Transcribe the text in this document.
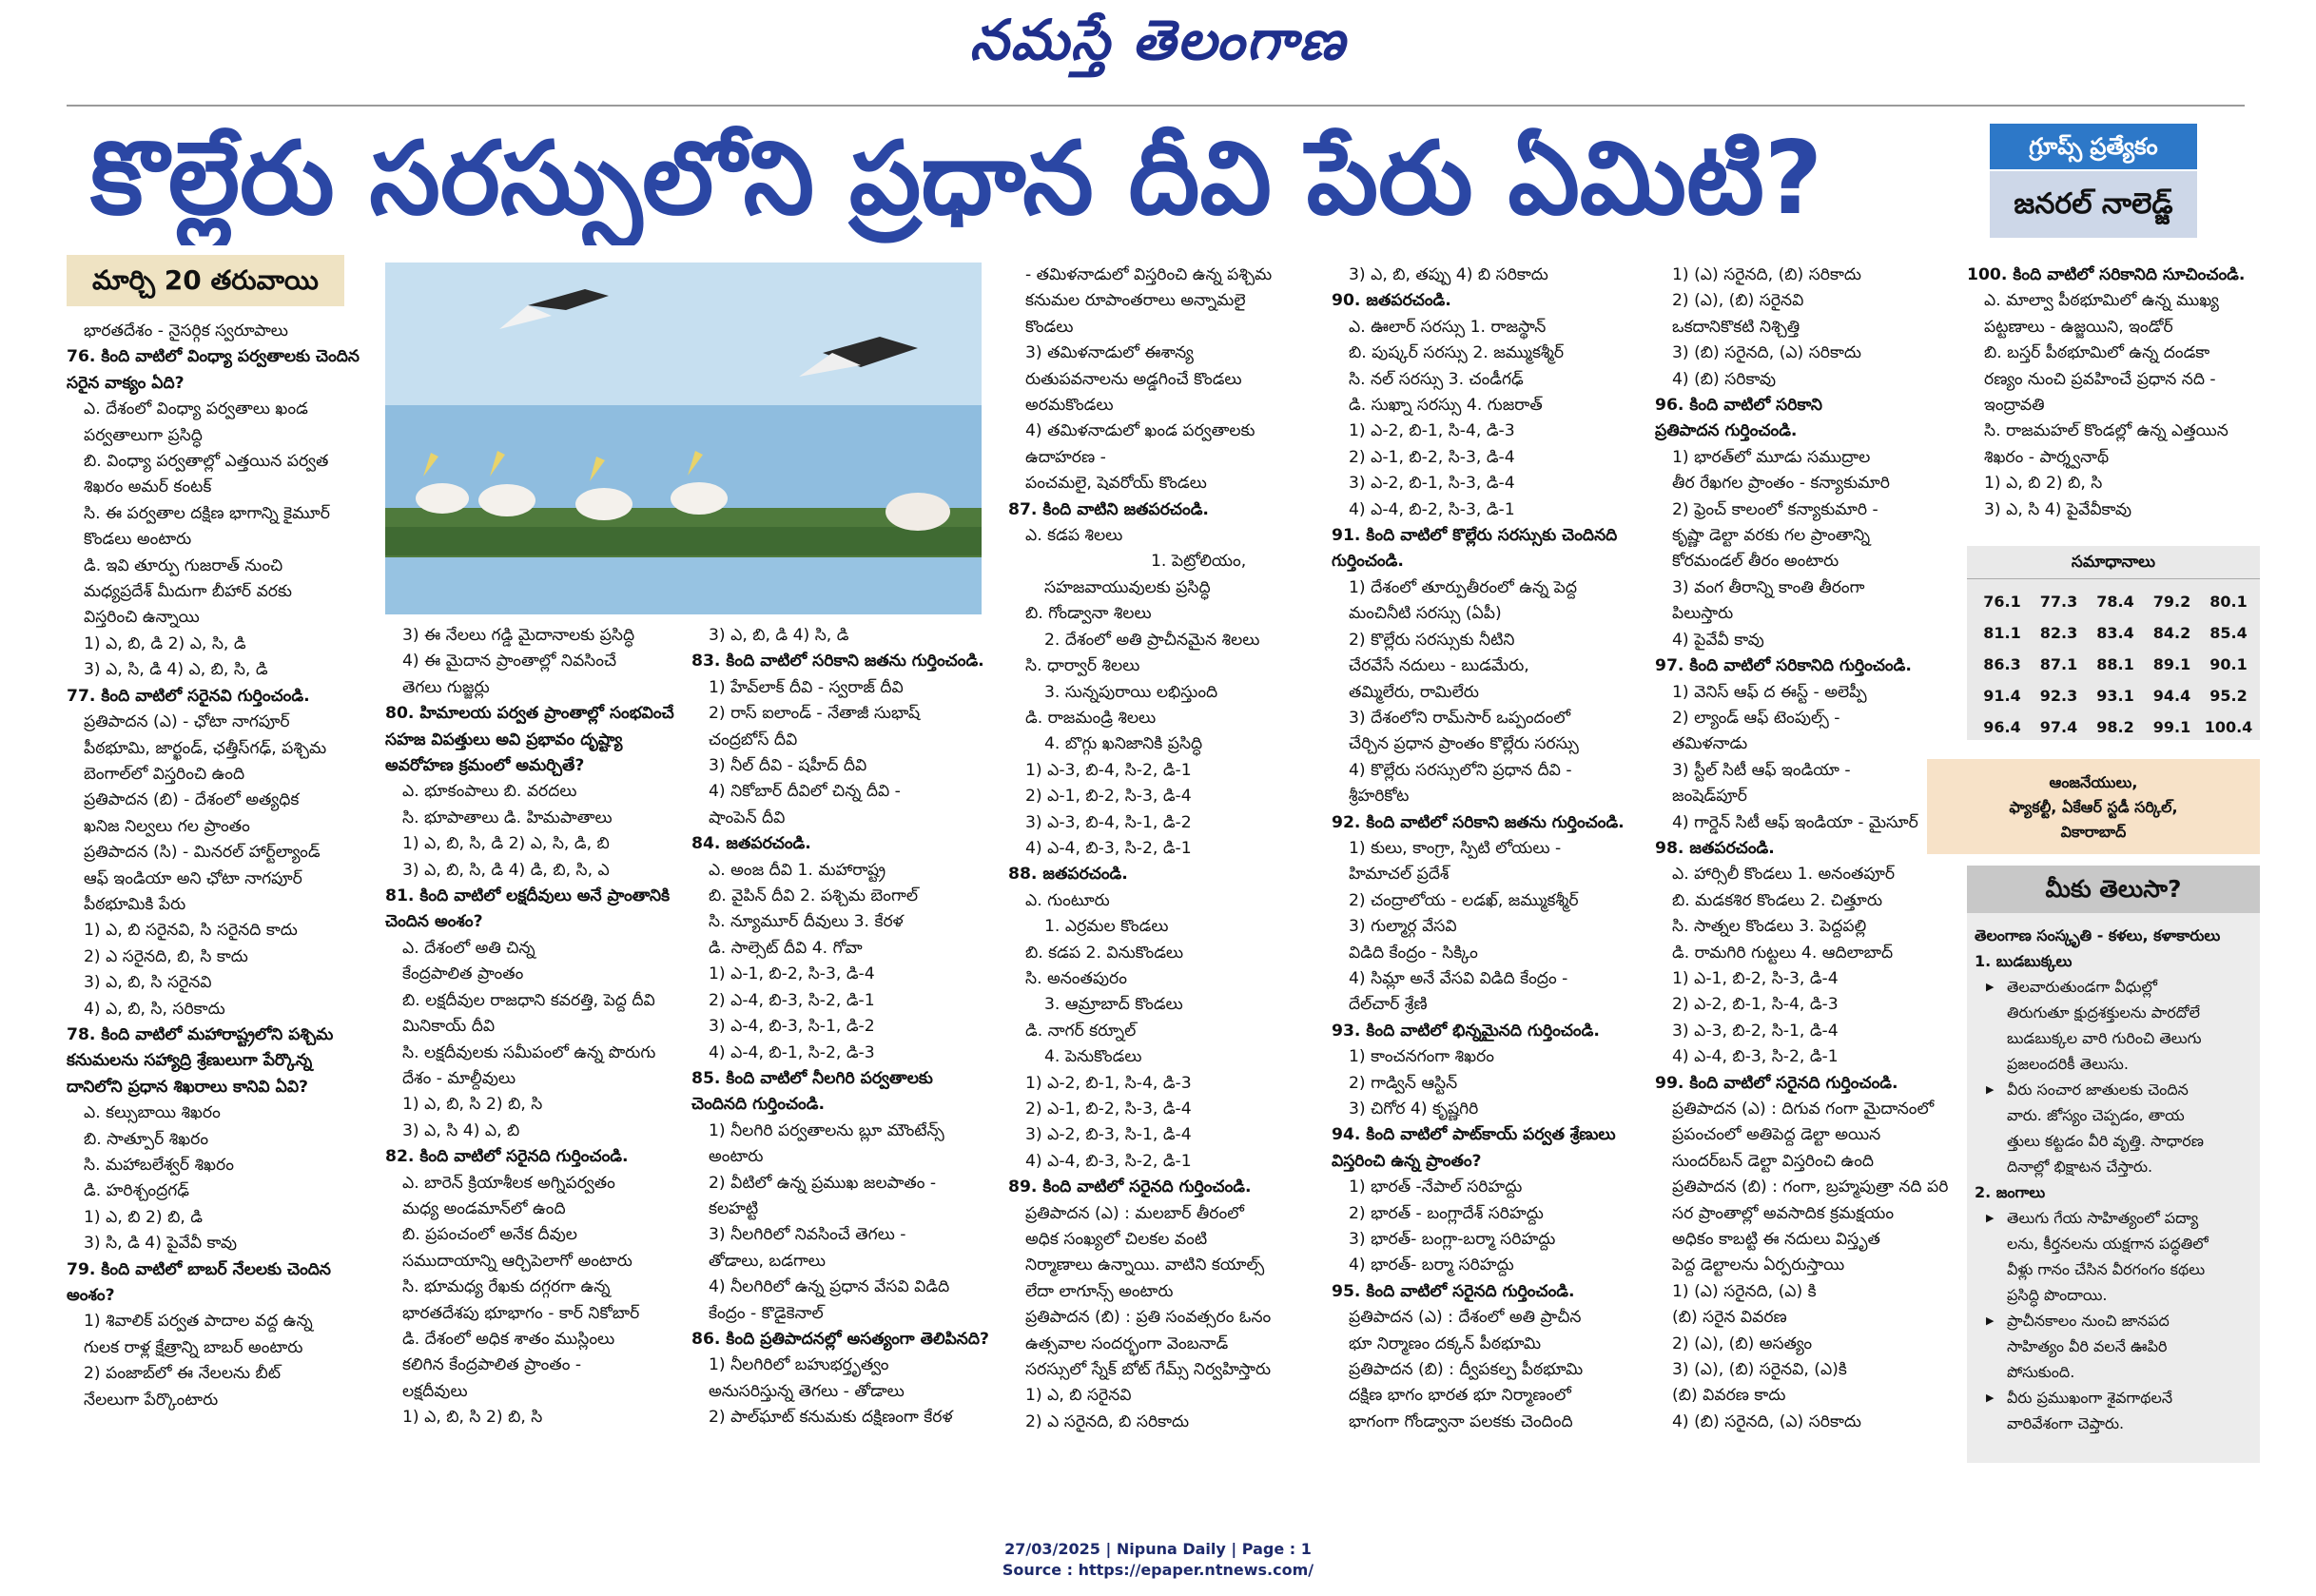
నమస్తే తెలంగాణ
కొల్లేరు సరస్సులోని ప్రధాన దీవి పేరు ఏమిటి?	గ్రూప్స్ ప్రత్యేకం
జనరల్ నాలెడ్జ్
మార్చి 20 తరువాయి

భారతదేశం - నైసర్గిక స్వరూపాలు

76. కింది వాటిలో వింధ్యా పర్వతాలకు చెందిన

సరైన వాక్యం ఏది?

ఎ. దేశంలో వింధ్యా పర్వతాలు ఖండ

పర్వతాలుగా ప్రసిద్ధి

బి. వింధ్యా పర్వతాల్లో ఎత్తయిన పర్వత

శిఖరం అమర్ కంటక్

సి. ఈ పర్వతాల దక్షిణ భాగాన్ని కైమూర్

కొండలు అంటారు

డి. ఇవి తూర్పు గుజరాత్ నుంచి

మధ్యప్రదేశ్ మీదుగా బీహార్ వరకు

విస్తరించి ఉన్నాయి

1) ఎ, బి, డి 2) ఎ, సి, డి

3) ఎ, సి, డి 4) ఎ, బి, సి, డి

77. కింది వాటిలో సరైనవి గుర్తించండి.

ప్రతిపాదన (ఎ) - ఛోటా నాగపూర్

పీఠభూమి, జార్ఖండ్, ఛత్తీస్‌గఢ్, పశ్చిమ

బెంగాల్‌లో విస్తరించి ఉంది

ప్రతిపాదన (బి) - దేశంలో అత్యధిక

ఖనిజ నిల్వలు గల ప్రాంతం

ప్రతిపాదన (సి) - మినరల్ హార్ట్‌ల్యాండ్

ఆఫ్ ఇండియా అని ఛోటా నాగపూర్

పీఠభూమికి పేరు

1) ఎ, బి సరైనవి, సి సరైనది కాదు

2) ఎ సరైనది, బి, సి కాదు

3) ఎ, బి, సి సరైనవి

4) ఎ, బి, సి, సరికాదు

78. కింది వాటిలో మహారాష్ట్రలోని పశ్చిమ

కనుమలను సహ్యాద్రి శ్రేణులుగా పేర్కొన్న

దానిలోని ప్రధాన శిఖరాలు కానివి ఏవి?

ఎ. కల్సుబాయి శిఖరం

బి. సాత్పూర్ శిఖరం

సి. మహాబలేశ్వర్ శిఖరం

డి. హరిశ్చంద్రగఢ్

1) ఎ, బి 2) బి, డి

3) సి, డి 4) పైవేవీ కావు

79. కింది వాటిలో బాబర్ నేలలకు చెందిన

అంశం?

1) శివాలిక్ పర్వత పాదాల వద్ద ఉన్న

గులక రాళ్ల క్షేత్రాన్ని బాబర్ అంటారు

2) పంజాబ్‌లో ఈ నేలలను బీట్

నేలలుగా పేర్కొంటారు

3) ఈ నేలలు గడ్డి మైదానాలకు ప్రసిద్ధి

4) ఈ మైదాన ప్రాంతాల్లో నివసించే

తెగలు గుజ్జర్లు

80. హిమాలయ పర్వత ప్రాంతాల్లో సంభవించే

సహజ విపత్తులు అవి ప్రభావం దృష్ట్యా

అవరోహణ క్రమంలో అమర్చితే?

ఎ. భూకంపాలు బి. వరదలు

సి. భూపాతాలు డి. హిమపాతాలు

1) ఎ, బి, సి, డి 2) ఎ, సి, డి, బి

3) ఎ, బి, సి, డి 4) డి, బి, సి, ఎ

81. కింది వాటిలో లక్షదీవులు అనే ప్రాంతానికి

చెందిన అంశం?

ఎ. దేశంలో అతి చిన్న

కేంద్రపాలిత ప్రాంతం

బి. లక్షదీవుల రాజధాని కవరత్తి, పెద్ద దీవి

మినికాయ్ దీవి

సి. లక్షదీవులకు సమీపంలో ఉన్న పొరుగు

దేశం - మాల్దీవులు

1) ఎ, బి, సి 2) బి, సి

3) ఎ, సి 4) ఎ, బి

82. కింది వాటిలో సరైనది గుర్తించండి.

ఎ. బారెన్ క్రియాశీలక అగ్నిపర్వతం

మధ్య అండమాన్‌లో ఉంది

బి. ప్రపంచంలో అనేక దీవుల

సముదాయాన్ని ఆర్చిపెలాగో అంటారు

సి. భూమధ్య రేఖకు దగ్గరగా ఉన్న

భారతదేశపు భూభాగం - కార్ నికోబార్

డి. దేశంలో అధిక శాతం ముస్లింలు

కలిగిన కేంద్రపాలిత ప్రాంతం -

లక్షదీవులు

1) ఎ, బి, సి 2) బి, సి

3) ఎ, బి, డి 4) సి, డి

83. కింది వాటిలో సరికాని జతను గుర్తించండి.

1) హేవ్‌లాక్ దీవి - స్వరాజ్ దీవి

2) రాస్ ఐలాండ్ - నేతాజీ సుభాష్

చంద్రబోస్ దీవి

3) నీల్ దీవి - షహీద్ దీవి

4) నికోబార్ దీవిలో చిన్న దీవి -

షాంపెన్ దీవి

84. జతపరచండి.

ఎ. అంజ దీవి 1. మహారాష్ట్ర

బి. వైపిన్ దీవి 2. పశ్చిమ బెంగాల్

సి. న్యూమూర్ దీవులు 3. కేరళ

డి. సాల్సెట్ దీవి 4. గోవా

1) ఎ-1, బి-2, సి-3, డి-4

2) ఎ-4, బి-3, సి-2, డి-1

3) ఎ-4, బి-3, సి-1, డి-2

4) ఎ-4, బి-1, సి-2, డి-3

85. కింది వాటిలో నీలగిరి పర్వతాలకు

చెందినది గుర్తించండి.

1) నీలగిరి పర్వతాలను బ్లూ మౌంటేన్స్

అంటారు

2) వీటిలో ఉన్న ప్రముఖ జలపాతం -

కలహట్టి

3) నీలగిరిలో నివసించే తెగలు -

తోడాలు, బడగాలు

4) నీలగిరిలో ఉన్న ప్రధాన వేసవి విడిది

కేంద్రం - కొడైకెనాల్

86. కింది ప్రతిపాదనల్లో అసత్యంగా తెలిపినది?

1) నీలగిరిలో బహుభర్తృత్వం

అనుసరిస్తున్న తెగలు - తోడాలు

2) పాల్‌ఘాట్ కనుమకు దక్షిణంగా కేరళ

- తమిళనాడులో విస్తరించి ఉన్న పశ్చిమ

కనుమల రూపాంతరాలు అన్నామలై

కొండలు

3) తమిళనాడులో ఈశాన్య

రుతుపవనాలను అడ్డగించే కొండలు

అరమకొండలు

4) తమిళనాడులో ఖండ పర్వతాలకు

ఉదాహరణ -

పంచమలై, షెవరోయ్ కొండలు

87. కింది వాటిని జతపరచండి.

ఎ. కడప శిలలు

1. పెట్రోలియం,

సహజవాయువులకు ప్రసిద్ధి

బి. గోండ్వానా శిలలు

2. దేశంలో అతి ప్రాచీనమైన శిలలు

సి. ధార్వార్ శిలలు

3. సున్నపురాయి లభిస్తుంది

డి. రాజమండ్రి శిలలు

4. బొగ్గు ఖనిజానికి ప్రసిద్ధి

1) ఎ-3, బి-4, సి-2, డి-1

2) ఎ-1, బి-2, సి-3, డి-4

3) ఎ-3, బి-4, సి-1, డి-2

4) ఎ-4, బి-3, సి-2, డి-1

88. జతపరచండి.

ఎ. గుంటూరు

1. ఎర్రమల కొండలు

బి. కడప 2. వినుకొండలు

సి. అనంతపురం

3. ఆమ్రాబాద్ కొండలు

డి. నాగర్ కర్నూల్

4. పెనుకొండలు

1) ఎ-2, బి-1, సి-4, డి-3

2) ఎ-1, బి-2, సి-3, డి-4

3) ఎ-2, బి-3, సి-1, డి-4

4) ఎ-4, బి-3, సి-2, డి-1

89. కింది వాటిలో సరైనది గుర్తించండి.

ప్రతిపాదన (ఎ) : మలబార్ తీరంలో

అధిక సంఖ్యలో చిలకల వంటి

నిర్మాణాలు ఉన్నాయి. వాటిని కయాల్స్

లేదా లాగూన్స్ అంటారు

ప్రతిపాదన (బి) : ప్రతి సంవత్సరం ఓనం

ఉత్సవాల సందర్భంగా వెంబనాడ్

సరస్సులో స్నేక్ బోట్ గేమ్స్ నిర్వహిస్తారు

1) ఎ, బి సరైనవి

2) ఎ సరైనది, బి సరికాదు

3) ఎ, బి, తప్పు 4) బి సరికాదు

90. జతపరచండి.

ఎ. ఊలార్ సరస్సు 1. రాజస్థాన్

బి. పుష్కర్ సరస్సు 2. జమ్ముకశ్మీర్

సి. నల్ సరస్సు 3. చండీగఢ్

డి. సుఖ్నా సరస్సు 4. గుజరాత్

1) ఎ-2, బి-1, సి-4, డి-3

2) ఎ-1, బి-2, సి-3, డి-4

3) ఎ-2, బి-1, సి-3, డి-4

4) ఎ-4, బి-2, సి-3, డి-1

91. కింది వాటిలో కొల్లేరు సరస్సుకు చెందినది

గుర్తించండి.

1) దేశంలో తూర్పుతీరంలో ఉన్న పెద్ద

మంచినీటి సరస్సు (ఏపీ)

2) కొల్లేరు సరస్సుకు నీటిని

చేరవేసే నదులు - బుడమేరు,

తమ్మిలేరు, రామిలేరు

3) దేశంలోని రామ్‌సార్ ఒప్పందంలో

చేర్చిన ప్రధాన ప్రాంతం కొల్లేరు సరస్సు

4) కొల్లేరు సరస్సులోని ప్రధాన దీవి -

శ్రీహరికోట

92. కింది వాటిలో సరికాని జతను గుర్తించండి.

1) కులు, కాంగ్రా, స్పిటి లోయలు -

హిమాచల్ ప్రదేశ్

2) చంద్రాలోయ - లడఖ్, జమ్ముకశ్మీర్

3) గుల్మార్గ వేసవి

విడిది కేంద్రం - సిక్కిం

4) సిమ్లా అనే వేసవి విడిది కేంద్రం -

దేల్‌చార్ శ్రేణి

93. కింది వాటిలో భిన్నమైనది గుర్తించండి.

1) కాంచనగంగా శిఖరం

2) గాడ్విన్ ఆస్టిన్

3) చిగోర 4) కృష్ణగిరి

94. కింది వాటిలో పాట్‌కాయ్ పర్వత శ్రేణులు

విస్తరించి ఉన్న ప్రాంతం?

1) భారత్ -నేపాల్ సరిహద్దు

2) భారత్ - బంగ్లాదేశ్ సరిహద్దు

3) భారత్- బంగ్లా-బర్మా సరిహద్దు

4) భారత్- బర్మా సరిహద్దు

95. కింది వాటిలో సరైనది గుర్తించండి.

ప్రతిపాదన (ఎ) : దేశంలో అతి ప్రాచీన

భూ నిర్మాణం దక్కన్ పీఠభూమి

ప్రతిపాదన (బి) : ద్వీపకల్ప పీఠభూమి

దక్షిణ భాగం భారత భూ నిర్మాణంలో

భాగంగా గోండ్వానా పలకకు చెందింది

1) (ఎ) సరైనది, (బి) సరికాదు

2) (ఎ), (బి) సరైనవి

ఒకదానికొకటి నిశ్చిత్తి

3) (బి) సరైనది, (ఎ) సరికాదు

4) (బి) సరికావు

96. కింది వాటిలో సరికాని

ప్రతిపాదన గుర్తించండి.

1) భారత్‌లో మూడు సముద్రాల

తీర రేఖగల ప్రాంతం - కన్యాకుమారి

2) ఫ్రెంచ్ కాలంలో కన్యాకుమారి -

కృష్ణా డెల్టా వరకు గల ప్రాంతాన్ని

కోరమండల్ తీరం అంటారు

3) వంగ తీరాన్ని కాంతి తీరంగా

పిలుస్తారు

4) పైవేవీ కావు

97. కింది వాటిలో సరికానిది గుర్తించండి.

1) వెనిస్ ఆఫ్ ద ఈస్ట్ - అలెప్పీ

2) ల్యాండ్ ఆఫ్ టెంపుల్స్ -

తమిళనాడు

3) స్టీల్ సిటీ ఆఫ్ ఇండియా -

జంషెడ్‌పూర్

4) గార్డెన్ సిటీ ఆఫ్ ఇండియా - మైసూర్

98. జతపరచండి.

ఎ. హార్సిలీ కొండలు 1. అనంతపూర్

బి. మడకశిర కొండలు 2. చిత్తూరు

సి. సాత్నల కొండలు 3. పెద్దపల్లి

డి. రామగిరి గుట్టలు 4. ఆదిలాబాద్

1) ఎ-1, బి-2, సి-3, డి-4

2) ఎ-2, బి-1, సి-4, డి-3

3) ఎ-3, బి-2, సి-1, డి-4

4) ఎ-4, బి-3, సి-2, డి-1

99. కింది వాటిలో సరైనది గుర్తించండి.

ప్రతిపాదన (ఎ) : దిగువ గంగా మైదానంలో

ప్రపంచంలో అతిపెద్ద డెల్టా అయిన

సుందర్‌బన్ డెల్టా విస్తరించి ఉంది

ప్రతిపాదన (బి) : గంగా, బ్రహ్మపుత్రా నది పరి

సర ప్రాంతాల్లో అవసాదిక క్రమక్షయం

అధికం కాబట్టి ఈ నదులు విస్తృత

పెద్ద డెల్టాలను ఏర్పరుస్తాయి

1) (ఎ) సరైనది, (ఎ) కి

(బి) సరైన వివరణ

2) (ఎ), (బి) అసత్యం

3) (ఎ), (బి) సరైనవి, (ఎ)కి

(బి) వివరణ కాదు

4) (బి) సరైనది, (ఎ) సరికాదు

100. కింది వాటిలో సరికానిది సూచించండి.

ఎ. మాల్వా పీఠభూమిలో ఉన్న ముఖ్య

పట్టణాలు - ఉజ్జయిని, ఇండోర్

బి. బస్తర్ పీఠభూమిలో ఉన్న దండకా

రణ్యం నుంచి ప్రవహించే ప్రధాన నది -

ఇంద్రావతి

సి. రాజమహల్ కొండల్లో ఉన్న ఎత్తయిన

శిఖరం - పార్శ్వనాథ్

1) ఎ, బి 2) బి, సి

3) ఎ, సి 4) పైవేవీకావు

సమాధానాలు
76.1	77.3	78.4	79.2	80.1
81.1	82.3	83.4	84.2	85.4
86.3	87.1	88.1	89.1	90.1
91.4	92.3	93.1	94.4	95.2
96.4	97.4	98.2	99.1 100.4

ఆంజనేయులు,

ఫ్యాకల్టీ, ఏకేఆర్ స్టడీ సర్కిల్,

వికారాబాద్

మీకు తెలుసా?

తెలంగాణ సంస్కృతి - కళలు, కళాకారులు

1. బుడబుక్కలు

▶ తెలవారుతుండగా వీధుల్లో

తిరుగుతూ క్షుద్రశక్తులను పారదోలే

బుడబుక్కల వారి గురించి తెలుగు

ప్రజలందరికీ తెలుసు.

▶ వీరు సంచార జాతులకు చెందిన

వారు. జోస్యం చెప్పడం, తాయ

త్తులు కట్టడం వీరి వృత్తి. సాధారణ

దినాల్లో భిక్షాటన చేస్తారు.

2. జంగాలు

▶ తెలుగు గేయ సాహిత్యంలో పద్యా

లను, కీర్తనలను యక్షగాన పద్ధతిలో

వీళ్లు గానం చేసిన వీరగంగం కథలు

ప్రసిద్ధి పొందాయి.

▶ ప్రాచీనకాలం నుంచి జానపద

సాహిత్యం వీరి వలనే ఊపిరి

పోసుకుంది.

▶ వీరు ప్రముఖంగా శైవగాథలనే

వారివేశంగా చెప్తారు.

27/03/2025 | Nipuna Daily | Page : 1
Source : https://epaper.ntnews.com/
